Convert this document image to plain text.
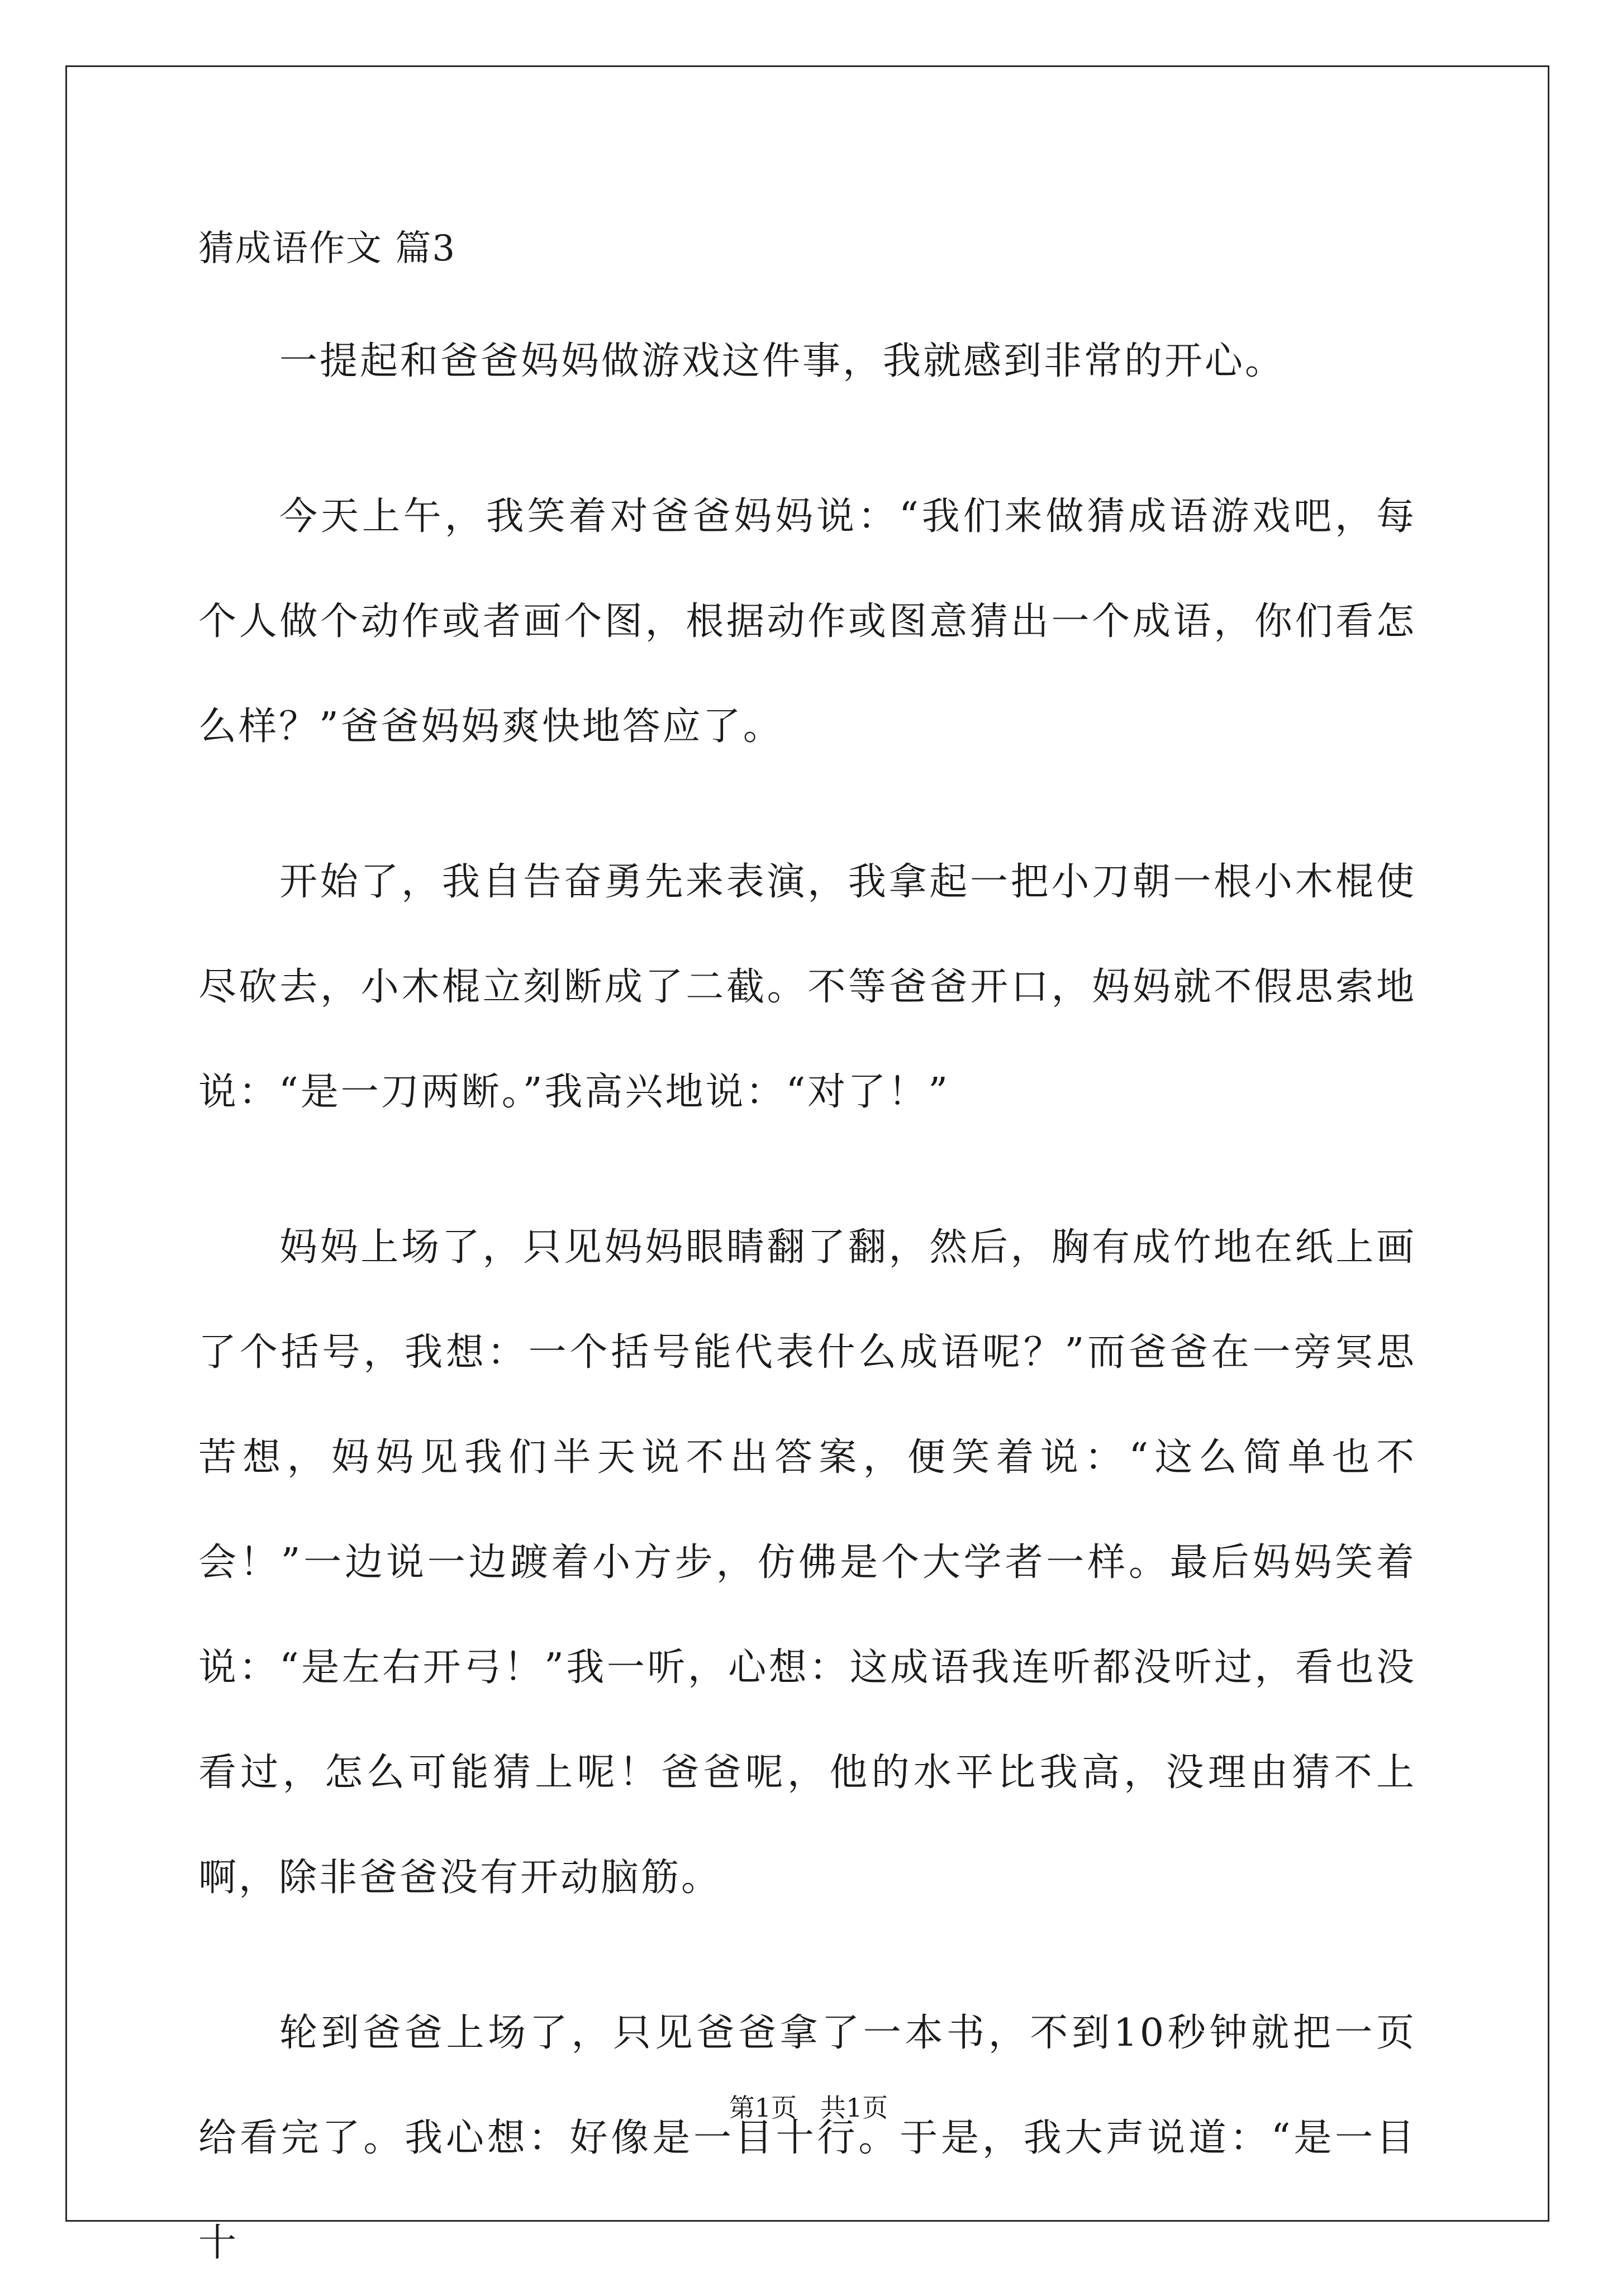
猜成语作文 篇3

一提起和爸爸妈妈做游戏这件事，我就感到非常的开心。

今天上午，我笑着对爸爸妈妈说：“我们来做猜成语游戏吧，每个人做个动作或者画个图，根据动作或图意猜出一个成语，你们看怎么样？”爸爸妈妈爽快地答应了。

开始了，我自告奋勇先来表演，我拿起一把小刀朝一根小木棍使尽砍去，小木棍立刻断成了二截。不等爸爸开口，妈妈就不假思索地说：“是一刀两断。”我高兴地说：“对了！”

妈妈上场了，只见妈妈眼睛翻了翻，然后，胸有成竹地在纸上画了个括号，我想：一个括号能代表什么成语呢？”而爸爸在一旁冥思苦想，妈妈见我们半天说不出答案，便笑着说：“这么简单也不会！”一边说一边踱着小方步，仿佛是个大学者一样。最后妈妈笑着说：“是左右开弓！”我一听，心想：这成语我连听都没听过，看也没看过，怎么可能猜上呢！爸爸呢，他的水平比我高，没理由猜不上啊，除非爸爸没有开动脑筋。

轮到爸爸上场了，只见爸爸拿了一本书，不到10秒钟就把一页给看完了。我心想：好像是一目十行。于是，我大声说道：“是一目十

第1页 共1页
